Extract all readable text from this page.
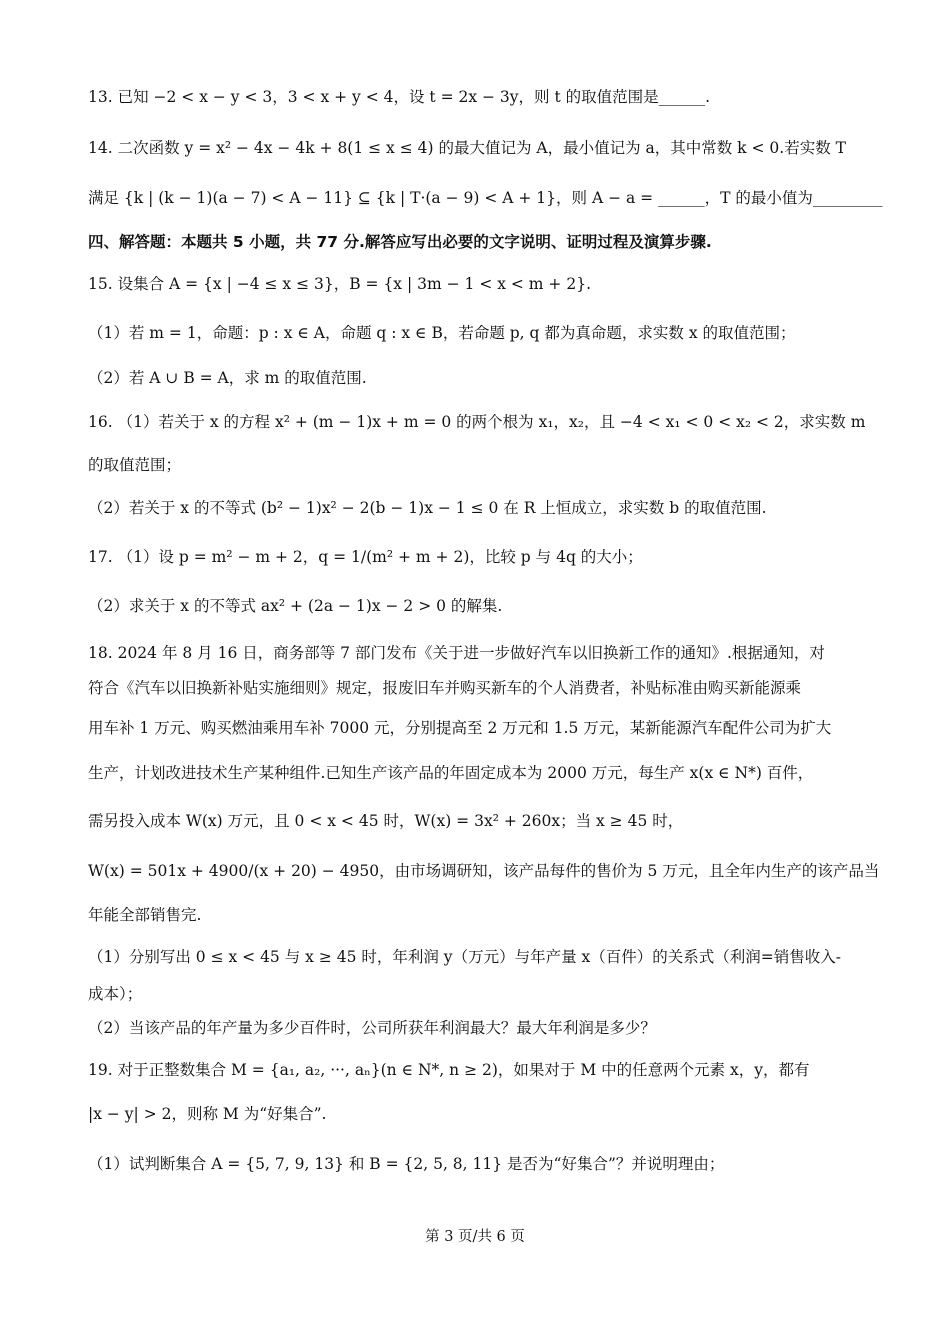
13. 已知 −2 < x − y < 3，3 < x + y < 4，设 t = 2x − 3y，则 t 的取值范围是______.
14. 二次函数 y = x² − 4x − 4k + 8(1 ≤ x ≤ 4) 的最大值记为 A，最小值记为 a，其中常数 k < 0.若实数 T
满足 {k | (k − 1)(a − 7) < A − 11} ⊆ {k | T·(a − 9) < A + 1}，则 A − a = ______，T 的最小值为_________
四、解答题：本题共 5 小题，共 77 分.解答应写出必要的文字说明、证明过程及演算步骤.
15. 设集合 A = {x | −4 ≤ x ≤ 3}，B = {x | 3m − 1 < x < m + 2}.
（1）若 m = 1，命题：p : x ∈ A，命题 q : x ∈ B，若命题 p, q 都为真命题，求实数 x 的取值范围；
（2）若 A ∪ B = A，求 m 的取值范围.
16. （1）若关于 x 的方程 x² + (m − 1)x + m = 0 的两个根为 x₁，x₂，且 −4 < x₁ < 0 < x₂ < 2，求实数 m
的取值范围；
（2）若关于 x 的不等式 (b² − 1)x² − 2(b − 1)x − 1 ≤ 0 在 R 上恒成立，求实数 b 的取值范围.
17. （1）设 p = m² − m + 2，q = 1/(m² + m + 2)，比较 p 与 4q 的大小；
（2）求关于 x 的不等式 ax² + (2a − 1)x − 2 > 0 的解集.
18. 2024 年 8 月 16 日，商务部等 7 部门发布《关于进一步做好汽车以旧换新工作的通知》.根据通知，对
符合《汽车以旧换新补贴实施细则》规定，报废旧车并购买新车的个人消费者，补贴标准由购买新能源乘
用车补 1 万元、购买燃油乘用车补 7000 元，分别提高至 2 万元和 1.5 万元，某新能源汽车配件公司为扩大
生产，计划改进技术生产某种组件.已知生产该产品的年固定成本为 2000 万元，每生产 x(x ∈ N*) 百件，
需另投入成本 W(x) 万元，且 0 < x < 45 时，W(x) = 3x² + 260x；当 x ≥ 45 时，
W(x) = 501x + 4900/(x + 20) − 4950，由市场调研知，该产品每件的售价为 5 万元，且全年内生产的该产品当
年能全部销售完.
（1）分别写出 0 ≤ x < 45 与 x ≥ 45 时，年利润 y（万元）与年产量 x（百件）的关系式（利润=销售收入-
成本）；
（2）当该产品的年产量为多少百件时，公司所获年利润最大？最大年利润是多少？
19. 对于正整数集合 M = {a₁, a₂, ···, aₙ}(n ∈ N*, n ≥ 2)，如果对于 M 中的任意两个元素 x，y，都有
|x − y| > 2，则称 M 为“好集合”.
（1）试判断集合 A = {5, 7, 9, 13} 和 B = {2, 5, 8, 11} 是否为“好集合”？并说明理由；
第 3 页/共 6 页
